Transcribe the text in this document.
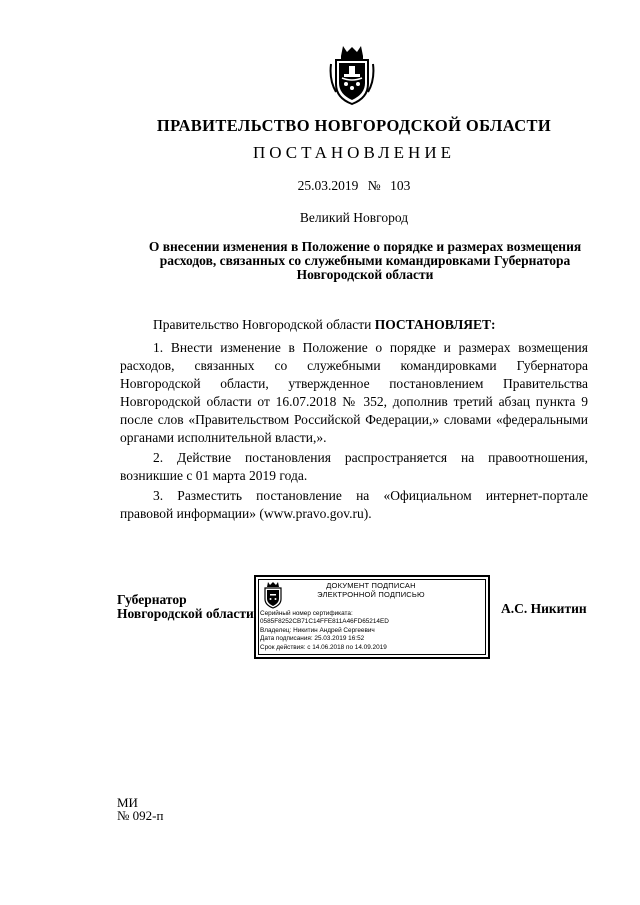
ПРАВИТЕЛЬСТВО НОВГОРОДСКОЙ ОБЛАСТИ
ПОСТАНОВЛЕНИЕ
25.03.2019 № 103
Великий Новгород
О внесении изменения в Положение о порядке и размерах возмещения расходов, связанных со служебными командировками Губернатора Новгородской области
Правительство Новгородской области ПОСТАНОВЛЯЕТ:

1. Внести изменение в Положение о порядке и размерах возмещения расходов, связанных со служебными командировками Губернатора Новгородской области, утвержденное постановлением Правительства Новгородской области от 16.07.2018 № 352, дополнив третий абзац пункта 9 после слов «Правительством Российской Федерации,» словами «федеральными органами исполнительной власти,».

2. Действие постановления распространяется на правоотношения, возникшие с 01 марта 2019 года.

3. Разместить постановление на «Официальном интернет-портале правовой информации» (www.pravo.gov.ru).

Губернатор
Новгородской области
ДОКУМЕНТ ПОДПИСАН
ЭЛЕКТРОННОЙ ПОДПИСЬЮ
Серийный номер сертификата:
0585F8252CB71C14FFE811A46FD65214ED
Владелец: Никитин Андрей Сергеевич
Дата подписания: 25.03.2019 16:52
Срок действия: с 14.06.2018 по 14.09.2019
А.С. Никитин
МИ
№ 092-п
